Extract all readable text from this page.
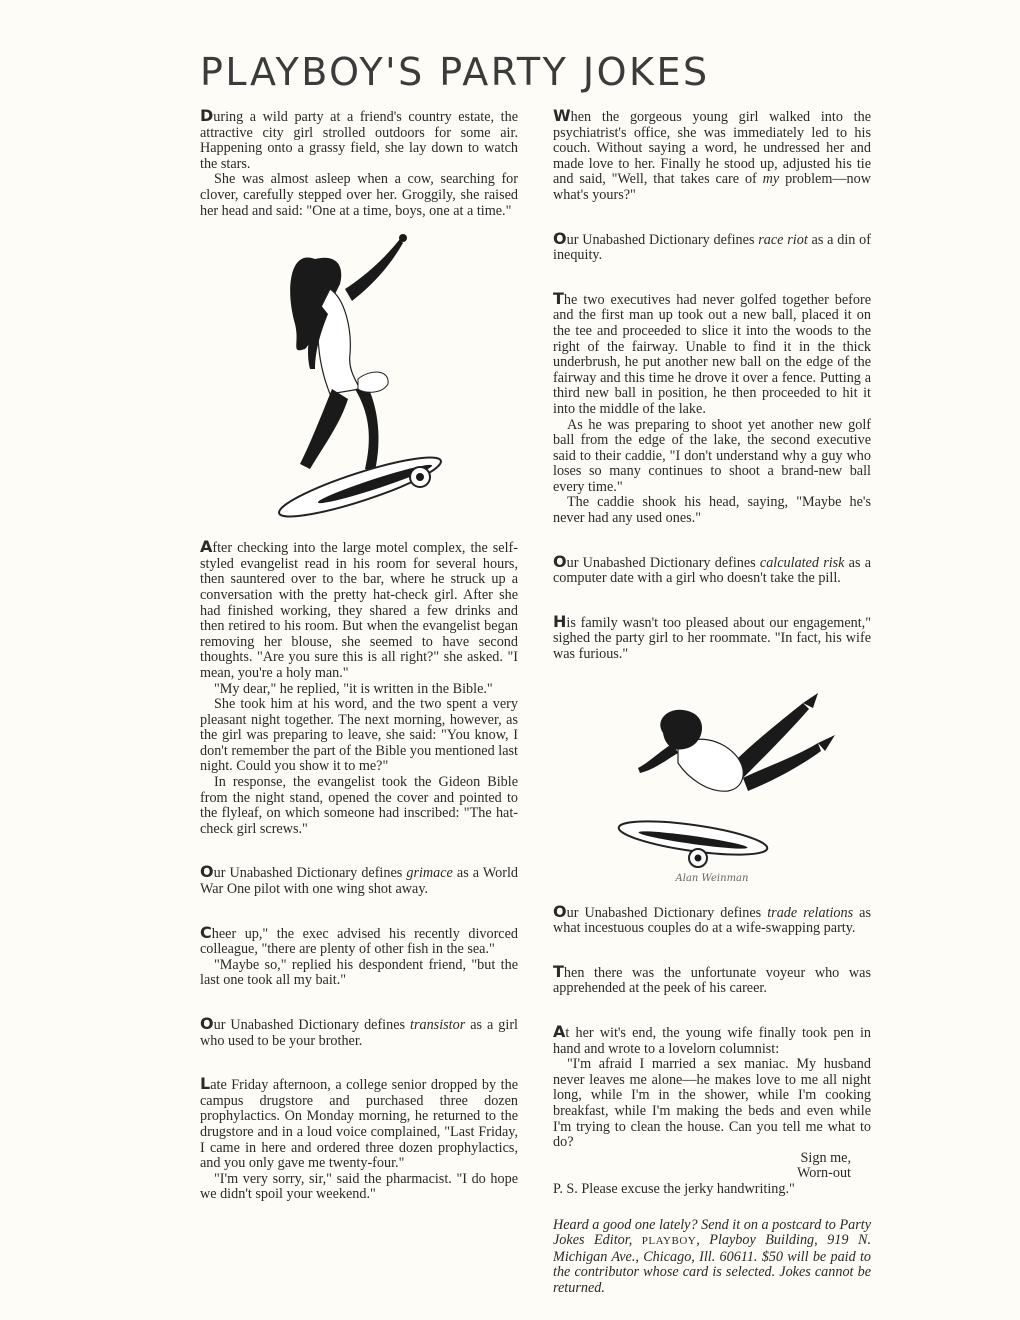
PLAYBOY'S PARTY JOKES

During a wild party at a friend's country estate, the attractive city girl strolled outdoors for some air. Happening onto a grassy field, she lay down to watch the stars.

She was almost asleep when a cow, searching for clover, carefully stepped over her. Groggily, she raised her head and said: "One at a time, boys, one at a time."

After checking into the large motel complex, the self-styled evangelist read in his room for several hours, then sauntered over to the bar, where he struck up a conversation with the pretty hat-check girl. After she had finished working, they shared a few drinks and then retired to his room. But when the evangelist began removing her blouse, she seemed to have second thoughts. "Are you sure this is all right?" she asked. "I mean, you're a holy man."

"My dear," he replied, "it is written in the Bible."

She took him at his word, and the two spent a very pleasant night together. The next morning, however, as the girl was preparing to leave, she said: "You know, I don't remember the part of the Bible you mentioned last night. Could you show it to me?"

In response, the evangelist took the Gideon Bible from the night stand, opened the cover and pointed to the flyleaf, on which someone had inscribed: "The hat-check girl screws."

Our Unabashed Dictionary defines grimace as a World War One pilot with one wing shot away.

Cheer up," the exec advised his recently divorced colleague, "there are plenty of other fish in the sea."

"Maybe so," replied his despondent friend, "but the last one took all my bait."

Our Unabashed Dictionary defines transistor as a girl who used to be your brother.

Late Friday afternoon, a college senior dropped by the campus drugstore and purchased three dozen prophylactics. On Monday morning, he returned to the drugstore and in a loud voice complained, "Last Friday, I came in here and ordered three dozen prophylactics, and you only gave me twenty-four."

"I'm very sorry, sir," said the pharmacist. "I do hope we didn't spoil your weekend."

When the gorgeous young girl walked into the psychiatrist's office, she was immediately led to his couch. Without saying a word, he undressed her and made love to her. Finally he stood up, adjusted his tie and said, "Well, that takes care of my problem—now what's yours?"

Our Unabashed Dictionary defines race riot as a din of inequity.

The two executives had never golfed together before and the first man up took out a new ball, placed it on the tee and proceeded to slice it into the woods to the right of the fairway. Unable to find it in the thick underbrush, he put another new ball on the edge of the fairway and this time he drove it over a fence. Putting a third new ball in position, he then proceeded to hit it into the middle of the lake.

As he was preparing to shoot yet another new golf ball from the edge of the lake, the second executive said to their caddie, "I don't understand why a guy who loses so many continues to shoot a brand-new ball every time."

The caddie shook his head, saying, "Maybe he's never had any used ones."

Our Unabashed Dictionary defines calculated risk as a computer date with a girl who doesn't take the pill.

His family wasn't too pleased about our engagement," sighed the party girl to her roommate. "In fact, his wife was furious."

Alan Weinman

Our Unabashed Dictionary defines trade relations as what incestuous couples do at a wife-swapping party.

Then there was the unfortunate voyeur who was apprehended at the peek of his career.

At her wit's end, the young wife finally took pen in hand and wrote to a lovelorn columnist:

"I'm afraid I married a sex maniac. My husband never leaves me alone—he makes love to me all night long, while I'm in the shower, while I'm cooking breakfast, while I'm making the beds and even while I'm trying to clean the house. Can you tell me what to do?

Sign me,

Worn-out

P. S. Please excuse the jerky handwriting."

Heard a good one lately? Send it on a postcard to Party Jokes Editor, PLAYBOY, Playboy Building, 919 N. Michigan Ave., Chicago, Ill. 60611. $50 will be paid to the contributor whose card is selected. Jokes cannot be returned.
